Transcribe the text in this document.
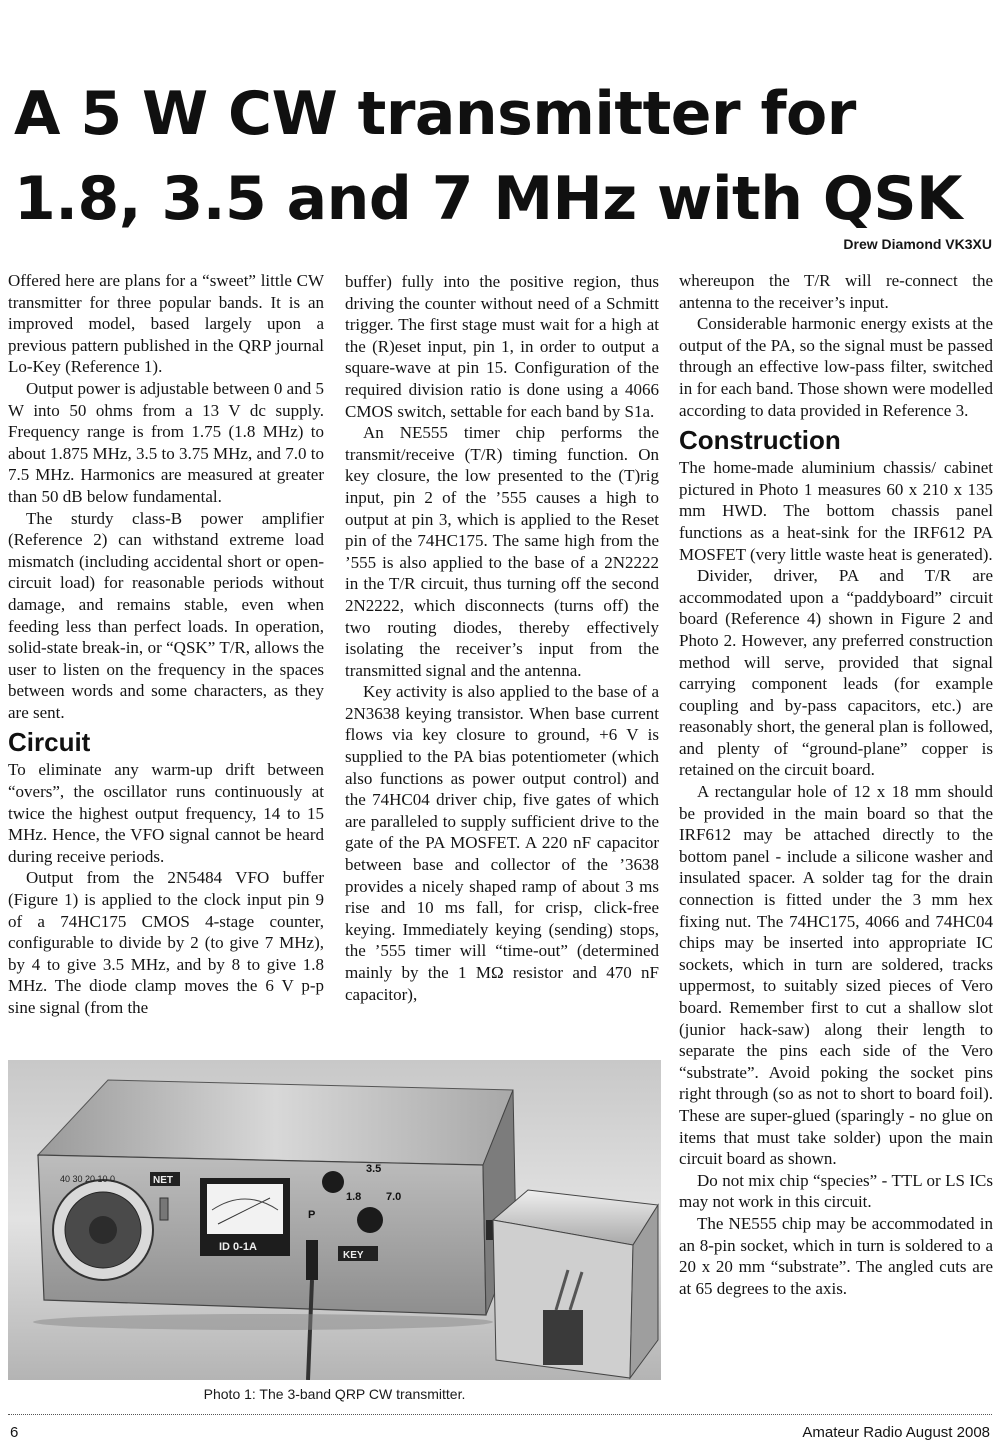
A 5 W CW transmitter for
1.8, 3.5 and 7 MHz with QSK
Drew Diamond VK3XU

Offered here are plans for a “sweet” little CW transmitter for three popular bands. It is an improved model, based largely upon a previous pattern published in the QRP journal Lo-Key (Reference 1).

Output power is adjustable between 0 and 5 W into 50 ohms from a 13 V dc supply. Frequency range is from 1.75 (1.8 MHz) to about 1.875 MHz, 3.5 to 3.75 MHz, and 7.0 to 7.5 MHz. Harmonics are measured at greater than 50 dB below fundamental.

The sturdy class-B power amplifier (Reference 2) can withstand extreme load mismatch (including accidental short or open-circuit load) for reasonable periods without damage, and remains stable, even when feeding less than perfect loads. In operation, solid-state break-in, or “QSK” T/R, allows the user to listen on the frequency in the spaces between words and some characters, as they are sent.

Circuit

To eliminate any warm-up drift between “overs”, the oscillator runs continuously at twice the highest output frequency, 14 to 15 MHz. Hence, the VFO signal cannot be heard during receive periods.

Output from the 2N5484 VFO buffer (Figure 1) is applied to the clock input pin 9 of a 74HC175 CMOS 4-stage counter, configurable to divide by 2 (to give 7 MHz), by 4 to give 3.5 MHz, and by 8 to give 1.8 MHz. The diode clamp moves the 6 V p-p sine signal (from the

buffer) fully into the positive region, thus driving the counter without need of a Schmitt trigger. The first stage must wait for a high at the (R)eset input, pin 1, in order to output a square-wave at pin 15. Configuration of the required division ratio is done using a 4066 CMOS switch, settable for each band by S1a.

An NE555 timer chip performs the transmit/receive (T/R) timing function. On key closure, the low presented to the (T)rig input, pin 2 of the ’555 causes a high to output at pin 3, which is applied to the Reset pin of the 74HC175. The same high from the ’555 is also applied to the base of a 2N2222 in the T/R circuit, thus turning off the second 2N2222, which disconnects (turns off) the two routing diodes, thereby effectively isolating the receiver’s input from the transmitted signal and the antenna.

Key activity is also applied to the base of a 2N3638 keying transistor. When base current flows via key closure to ground, +6 V is supplied to the PA bias potentiometer (which also functions as power output control) and the 74HC04 driver chip, five gates of which are paralleled to supply sufficient drive to the gate of the PA MOSFET. A 220 nF capacitor between base and collector of the ’3638 provides a nicely shaped ramp of about 3 ms rise and 10 ms fall, for crisp, click-free keying. Immediately keying (sending) stops, the ’555 timer will “time-out” (determined mainly by the 1 MΩ resistor and 470 nF capacitor),

whereupon the T/R will re-connect the antenna to the receiver’s input.

Considerable harmonic energy exists at the output of the PA, so the signal must be passed through an effective low-pass filter, switched in for each band. Those shown were modelled according to data provided in Reference 3.

Construction

The home-made aluminium chassis/ cabinet pictured in Photo 1 measures 60 x 210 x 135 mm HWD. The bottom chassis panel functions as a heat-sink for the IRF612 PA MOSFET (very little waste heat is generated).

Divider, driver, PA and T/R are accommodated upon a “paddyboard” circuit board (Reference 4) shown in Figure 2 and Photo 2. However, any preferred construction method will serve, provided that signal carrying component leads (for example coupling and by-pass capacitors, etc.) are reasonably short, the general plan is followed, and plenty of “ground-plane” copper is retained on the circuit board.

A rectangular hole of 12 x 18 mm should be provided in the main board so that the IRF612 may be attached directly to the bottom panel - include a silicone washer and insulated spacer. A solder tag for the drain connection is fitted under the 3 mm hex fixing nut. The 74HC175, 4066 and 74HC04 chips may be inserted into appropriate IC sockets, which in turn are soldered, tracks uppermost, to suitably sized pieces of Vero board. Remember first to cut a shallow slot (junior hack-saw) along their length to separate the pins each side of the Vero “substrate”. Avoid poking the socket pins right through (so as not to short to board foil). These are super-glued (sparingly - no glue on items that must take solder) upon the main circuit board as shown.

Do not mix chip “species” - TTL or LS ICs may not work in this circuit.

The NE555 chip may be accommodated in an 8-pin socket, which in turn is soldered to a 20 x 20 mm “substrate”. The angled cuts are at 65 degrees to the axis.

40 30 20 10 0	NET
ID 0-1A
3.5
1.8 7.0
P
KEY
Photo 1: The 3-band QRP CW transmitter.
6	Amateur Radio August 2008
